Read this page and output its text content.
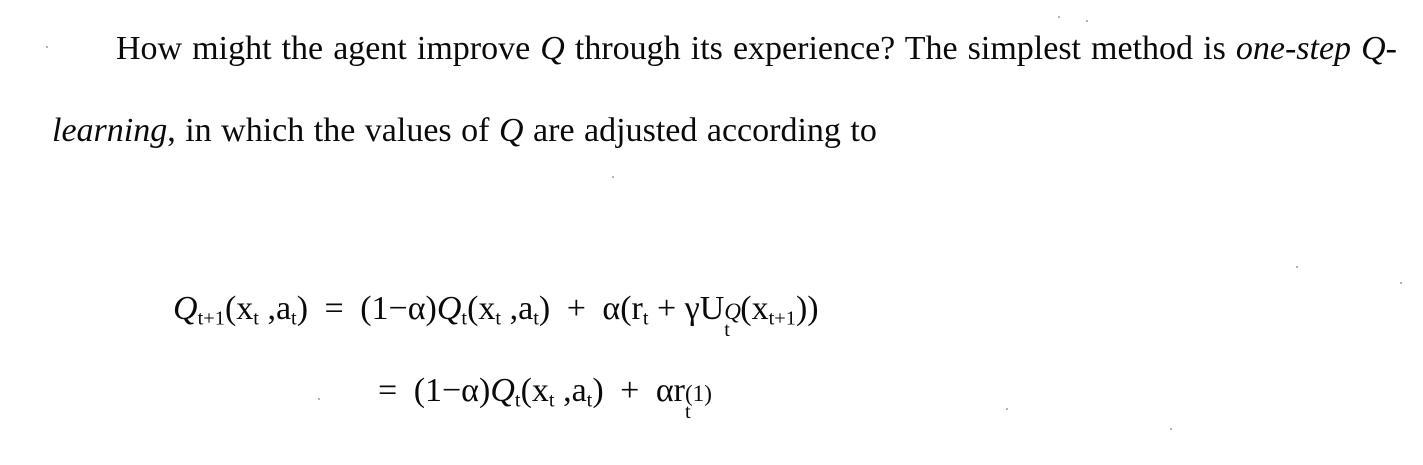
How might the agent improve Q through its experience? The simplest method is one-step Q-learning, in which the values of Q are adjusted according to
$Q_{t+1}(x_t$ $,a_t) = (1-\alpha)Q_t(x_t$ $,a_t) + \alpha(r_t + \gamma U$ Q
t
$(x_{t+1})$)
= $(1-\alpha)Q_t(x_t$ $,a_t) + \alpha r$ (1)
t
